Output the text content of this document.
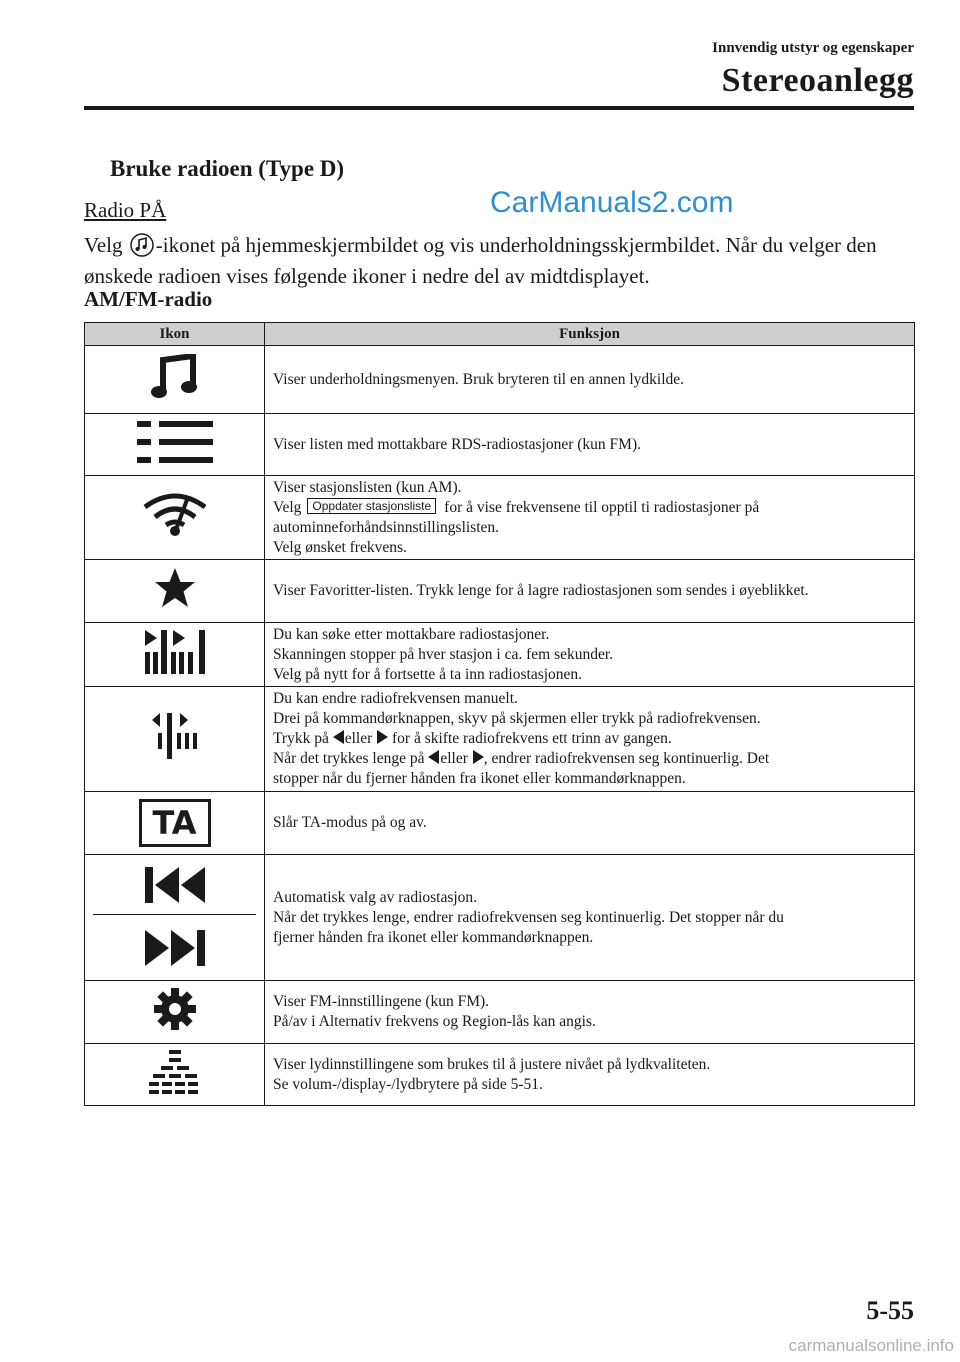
Innvendig utstyr og egenskaper
Stereoanlegg
Bruke radioen (Type D)
CarManuals2.com
Radio PÅ
Velg -ikonet på hjemmeskjermbildet og vis underholdningsskjermbildet. Når du velger den ønskede radioen vises følgende ikoner i nedre del av midtdisplayet.
AM/FM-radio
Ikon	Funksjon
	Viser underholdningsmenyen. Bruk bryteren til en annen lydkilde.
	Viser listen med mottakbare RDS-radiostasjoner (kun FM).

Viser stasjonslisten (kun AM).
Velg Oppdater stasjonsliste for å vise frekvensene til opptil ti radiostasjoner på
autominneforhåndsinnstillingslisten.
Velg ønsket frekvens.

	Viser Favoritter-listen. Trykk lenge for å lagre radiostasjonen som sendes i øyeblikket.

Du kan søke etter mottakbare radiostasjoner.
Skanningen stopper på hver stasjon i ca. fem sekunder.
Velg på nytt for å fortsette å ta inn radiostasjonen.

Du kan endre radiofrekvensen manuelt.
Drei på kommandørknappen, skyv på skjermen eller trykk på radiofrekvensen.
Trykk på eller for å skifte radiofrekvens ett trinn av gangen.
Når det trykkes lenge på eller , endrer radiofrekvensen seg kontinuerlig. Det
stopper når du fjerner hånden fra ikonet eller kommandørknappen.

TA	Slår TA-modus på og av.

Automatisk valg av radiostasjon.
Når det trykkes lenge, endrer radiofrekvensen seg kontinuerlig. Det stopper når du
fjerner hånden fra ikonet eller kommandørknappen.

Viser FM-innstillingene (kun FM).
På/av i Alternativ frekvens og Region-lås kan angis.

Viser lydinnstillingene som brukes til å justere nivået på lydkvaliteten.
Se volum-/display-/lydbrytere på side 5-51.
5-55
carmanualsonline.info
